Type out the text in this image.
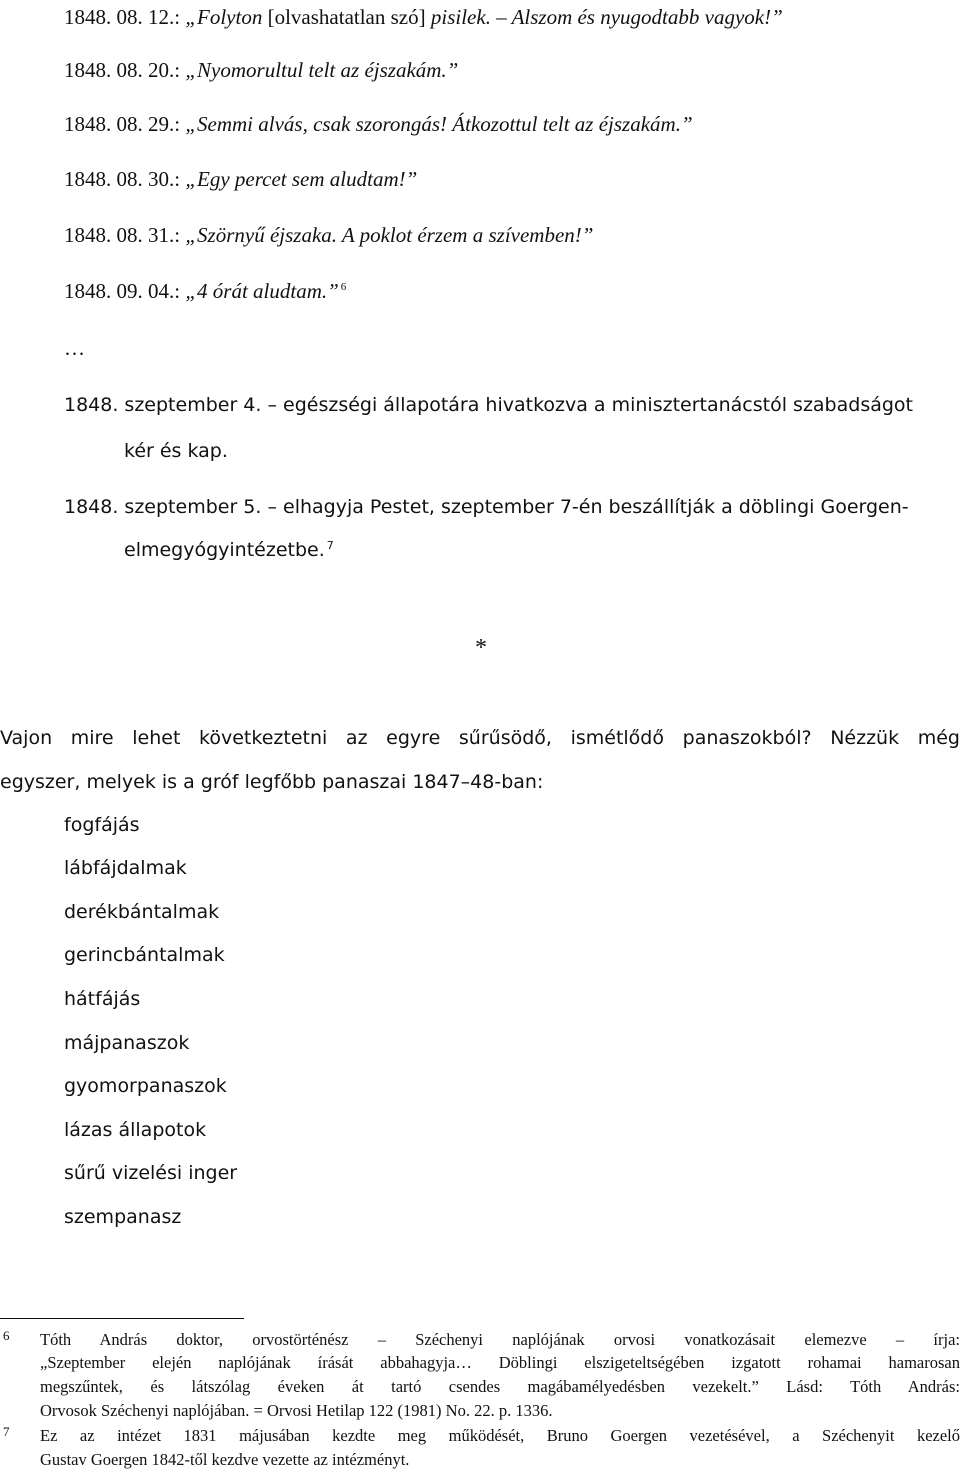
1848. 08. 12.: „Folyton [olvashatatlan szó] pisilek. – Alszom és nyugodtabb vagyok!”
1848. 08. 20.: „Nyomorultul telt az éjszakám.”
1848. 08. 29.: „Semmi alvás, csak szorongás! Átkozottul telt az éjszakám.”
1848. 08. 30.: „Egy percet sem aludtam!”
1848. 08. 31.: „Szörnyű éjszaka. A poklot érzem a szívemben!”
1848. 09. 04.: „4 órát aludtam.” $^6$
…
1848. szeptember 4. – egészségi állapotára hivatkozva a minisztertanácstól szabadságot
kér és kap.
1848. szeptember 5. – elhagyja Pestet, szeptember 7-én beszállítják a döblingi Goergen-
elmegyógyintézetbe. $^7$
*
Vajon mire lehet következtetni az egyre sűrűsödő, ismétlődő panaszokból? Nézzük még
egyszer, melyek is a gróf legfőbb panaszai 1847–48-ban:
fogfájás
lábfájdalmak
derékbántalmak
gerincbántalmak
hátfájás
májpanaszok
gyomorpanaszok
lázas állapotok
sűrű vizelési inger
szempanasz
6 Tóth András doktor, orvostörténész – Széchenyi naplójának orvosi vonatkozásait elemezve – írja:
„Szeptember elején naplójának írását abbahagyja… Döblingi elszigeteltségében izgatott rohamai hamarosan
megszűntek, és látszólag éveken át tartó csendes magábamélyedésben vezekelt.” Lásd: Tóth András:
Orvosok Széchenyi naplójában. = Orvosi Hetilap 122 (1981) No. 22. p. 1336.
7 Ez az intézet 1831 májusában kezdte meg működését, Bruno Goergen vezetésével, a Széchenyit kezelő
Gustav Goergen 1842-től kezdve vezette az intézményt.
